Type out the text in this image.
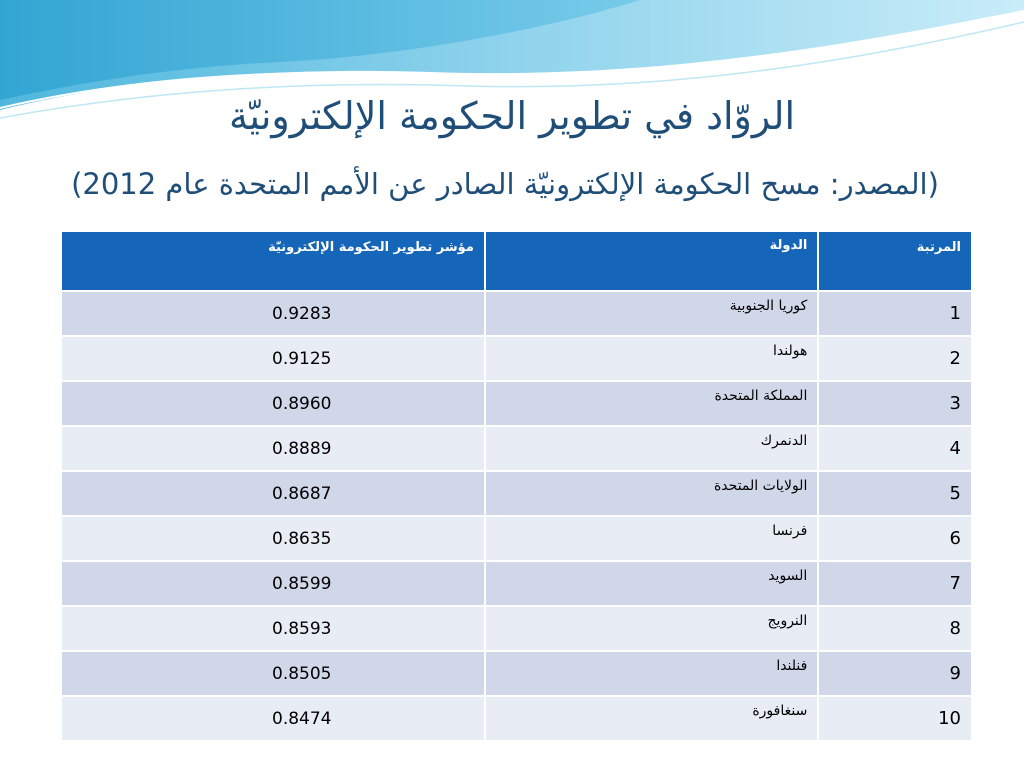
الروّاد في تطوير الحكومة الإلكترونيّة
(المصدر: مسح الحكومة الإلكترونيّة الصادر عن الأمم المتحدة عام 2012)
المرتبة	الدولة	مؤشر تطوير الحكومة الإلكترونيّة
1	كوريا الجنوبية	0.9283
2	هولندا	0.9125
3	المملكة المتحدة	0.8960
4	الدنمرك	0.8889
5	الولايات المتحدة	0.8687
6	فرنسا	0.8635
7	السويد	0.8599
8	النرويج	0.8593
9	فنلندا	0.8505
10	سنغافورة	0.8474
